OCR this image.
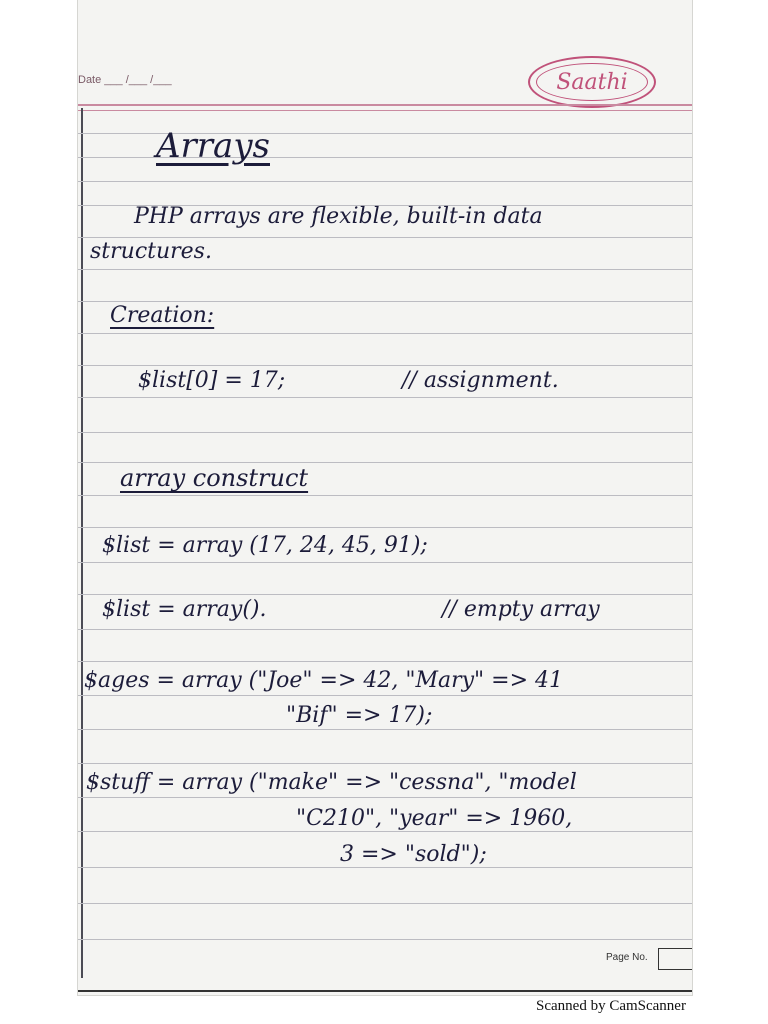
Date ___ /___ /___	Saathi
Arrays
PHP arrays are flexible, built-in data
structures.
Creation:
$list[0] = 17;	// assignment.
array construct
$list = array (17, 24, 45, 91);
$list = array().	// empty array
$ages = array ("Joe" => 42, "Mary" => 41
"Bif" => 17);
$stuff = array ("make" => "cessna", "model
"C210", "year" => 1960,
3 => "sold");
Page No.
Scanned by CamScanner
